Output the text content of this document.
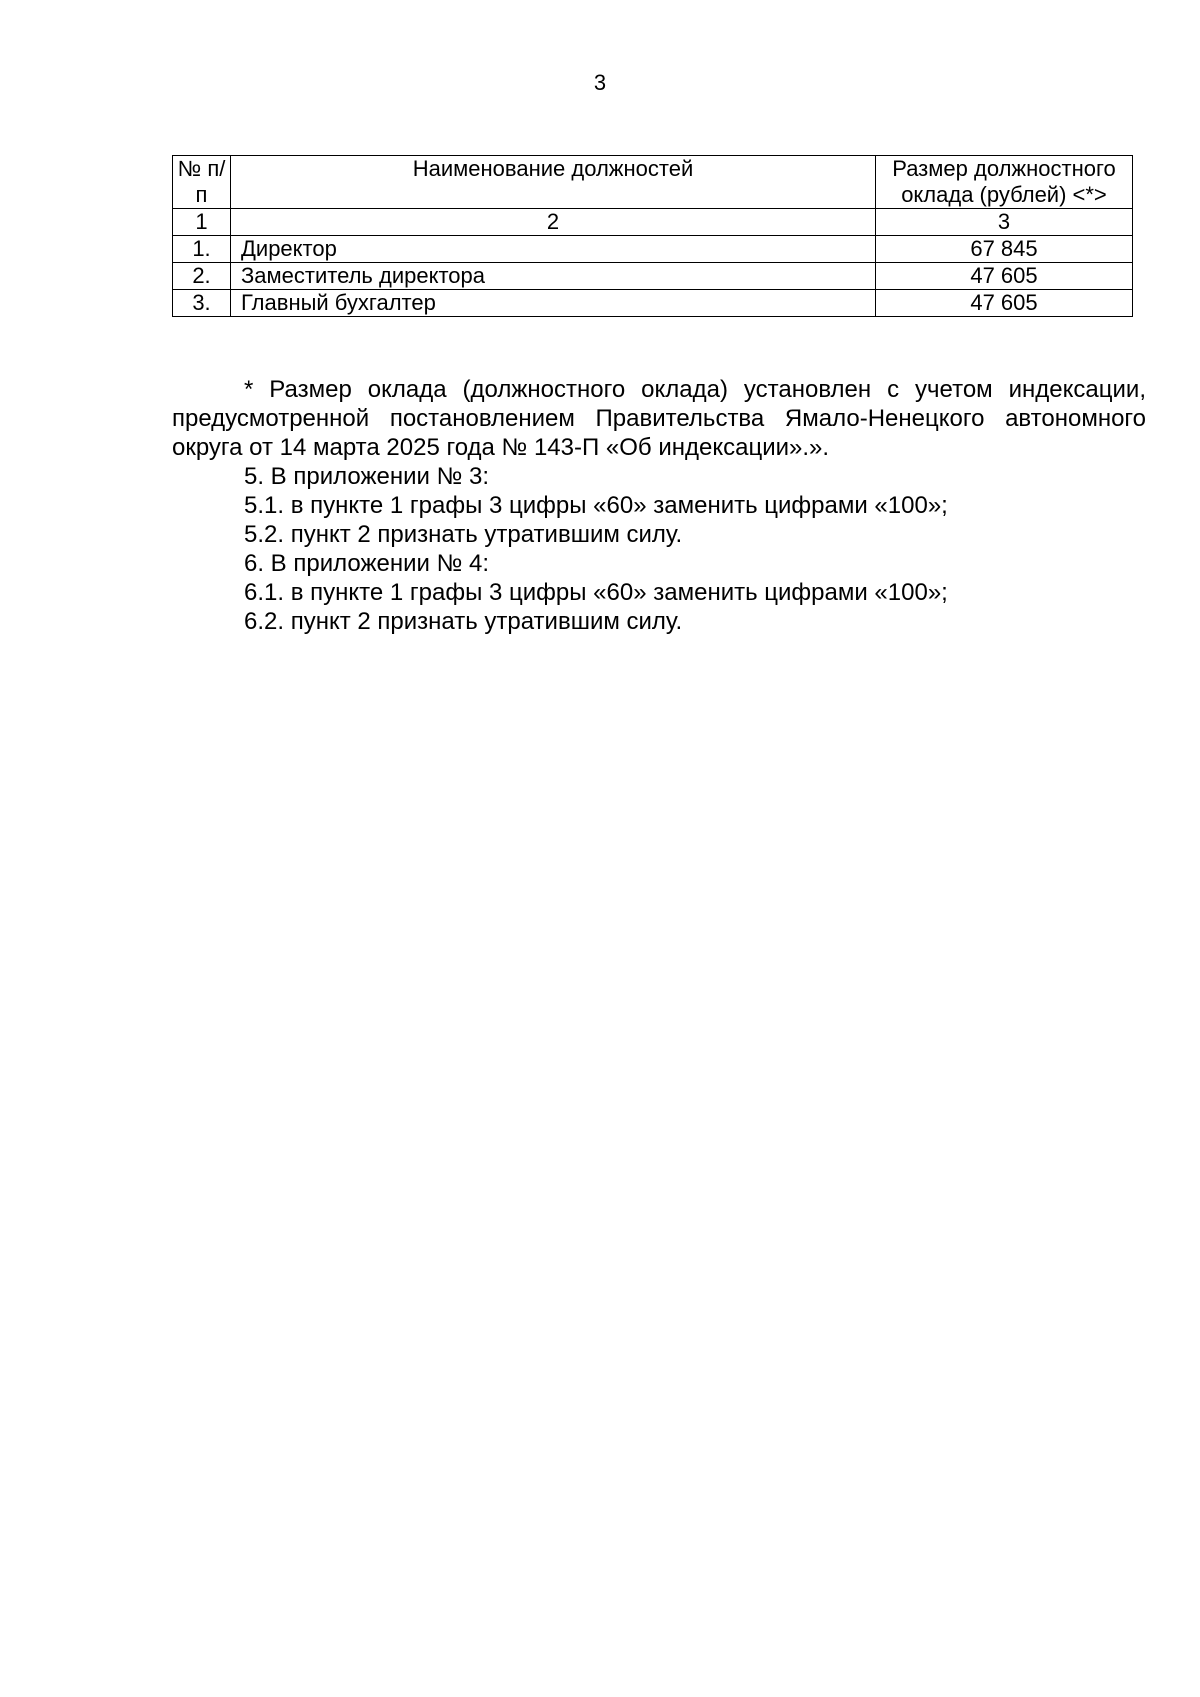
3
№ п/п	Наименование должностей	Размер должностного оклада (рублей) <*>
1	2	3
1.	Директор	67 845
2.	Заместитель директора	47 605
3.	Главный бухгалтер	47 605

* Размер оклада (должностного оклада) установлен с учетом индексации, предусмотренной постановлением Правительства Ямало-Ненецкого автономного округа от 14 марта 2025 года № 143-П «Об индексации».».

5. В приложении № 3:

5.1. в пункте 1 графы 3 цифры «60» заменить цифрами «100»;

5.2. пункт 2 признать утратившим силу.

6. В приложении № 4:

6.1. в пункте 1 графы 3 цифры «60» заменить цифрами «100»;

6.2. пункт 2 признать утратившим силу.
